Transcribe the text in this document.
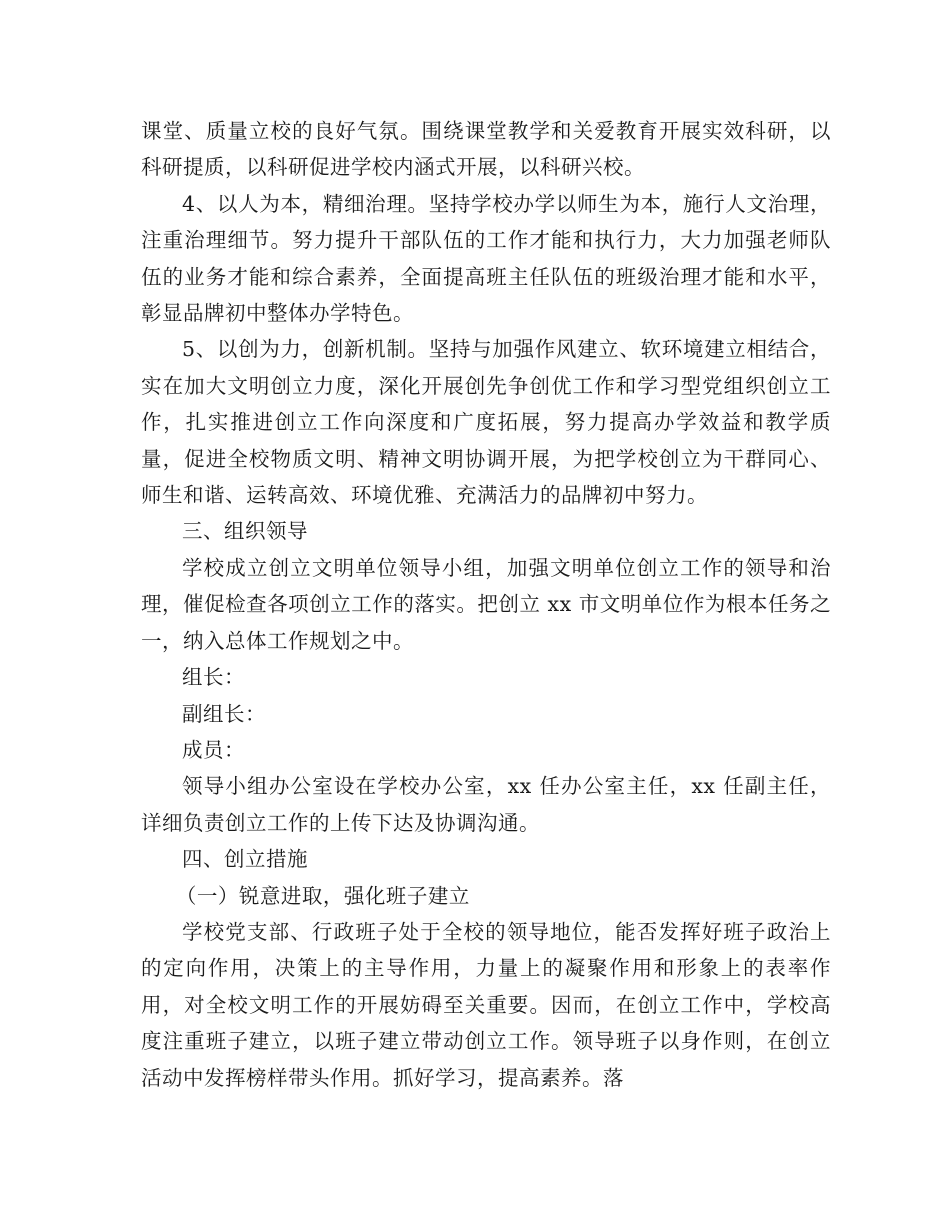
课堂、质量立校的良好气氛。围绕课堂教学和关爱教育开展实效科研，以科研提质，以科研促进学校内涵式开展，以科研兴校。

4、以人为本，精细治理。坚持学校办学以师生为本，施行人文治理，注重治理细节。努力提升干部队伍的工作才能和执行力，大力加强老师队伍的业务才能和综合素养，全面提高班主任队伍的班级治理才能和水平，彰显品牌初中整体办学特色。

5、以创为力，创新机制。坚持与加强作风建立、软环境建立相结合，实在加大文明创立力度，深化开展创先争创优工作和学习型党组织创立工作，扎实推进创立工作向深度和广度拓展，努力提高办学效益和教学质量，促进全校物质文明、精神文明协调开展，为把学校创立为干群同心、师生和谐、运转高效、环境优雅、充满活力的品牌初中努力。

三、组织领导

学校成立创立文明单位领导小组，加强文明单位创立工作的领导和治理，催促检查各项创立工作的落实。把创立 xx 市文明单位作为根本任务之一，纳入总体工作规划之中。

组长：

副组长：

成员：

领导小组办公室设在学校办公室，xx 任办公室主任，xx 任副主任，详细负责创立工作的上传下达及协调沟通。

四、创立措施

（一）锐意进取，强化班子建立

学校党支部、行政班子处于全校的领导地位，能否发挥好班子政治上的定向作用，决策上的主导作用，力量上的凝聚作用和形象上的表率作用，对全校文明工作的开展妨碍至关重要。因而，在创立工作中，学校高度注重班子建立，以班子建立带动创立工作。领导班子以身作则，在创立活动中发挥榜样带头作用。抓好学习，提高素养。落
